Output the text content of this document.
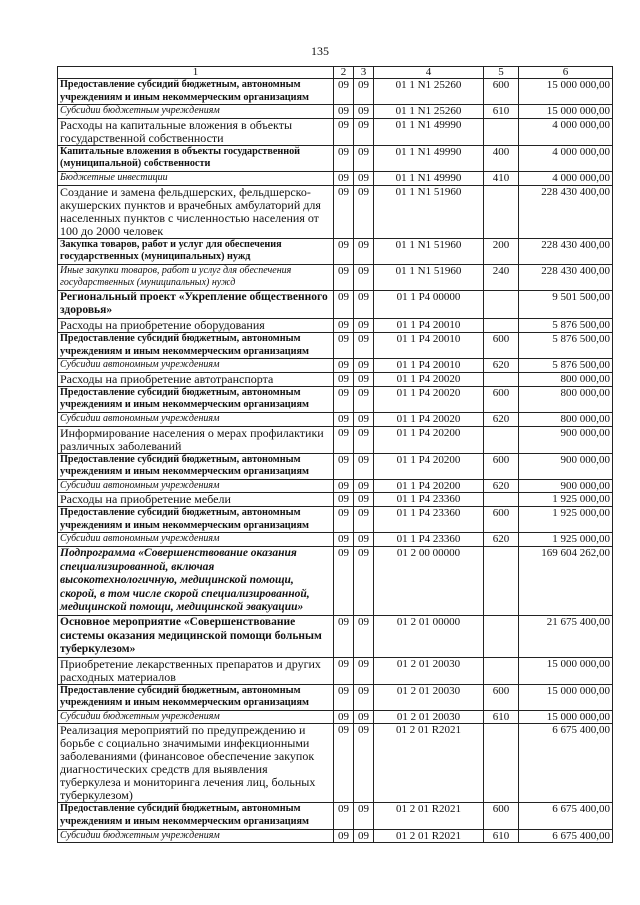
135
1	2	3	4	5	6
Предоставление субсидий бюджетным, автономным учреждениям и иным некоммерческим организациям	09	09	01 1 N1 25260	600	15 000 000,00
Субсидии бюджетным учреждениям	09	09	01 1 N1 25260	610	15 000 000,00
Расходы на капитальные вложения в объекты государственной собственности	09	09	01 1 N1 49990		4 000 000,00
Капитальные вложения в объекты государственной (муниципальной) собственности	09	09	01 1 N1 49990	400	4 000 000,00
Бюджетные инвестиции	09	09	01 1 N1 49990	410	4 000 000,00
Создание и замена фельдшерских, фельдшерско-акушерских пунктов и врачебных амбулаторий для населенных пунктов с численностью населения от 100 до 2000 человек	09	09	01 1 N1 51960		228 430 400,00
Закупка товаров, работ и услуг для обеспечения государственных (муниципальных) нужд	09	09	01 1 N1 51960	200	228 430 400,00
Иные закупки товаров, работ и услуг для обеспечения государственных (муниципальных) нужд	09	09	01 1 N1 51960	240	228 430 400,00
Региональный проект «Укрепление общественного здоровья»	09	09	01 1 P4 00000		9 501 500,00
Расходы на приобретение оборудования	09	09	01 1 P4 20010		5 876 500,00
Предоставление субсидий бюджетным, автономным учреждениям и иным некоммерческим организациям	09	09	01 1 P4 20010	600	5 876 500,00
Субсидии автономным учреждениям	09	09	01 1 P4 20010	620	5 876 500,00
Расходы на приобретение автотранспорта	09	09	01 1 P4 20020		800 000,00
Предоставление субсидий бюджетным, автономным учреждениям и иным некоммерческим организациям	09	09	01 1 P4 20020	600	800 000,00
Субсидии автономным учреждениям	09	09	01 1 P4 20020	620	800 000,00
Информирование населения о мерах профилактики различных заболеваний	09	09	01 1 P4 20200		900 000,00
Предоставление субсидий бюджетным, автономным учреждениям и иным некоммерческим организациям	09	09	01 1 P4 20200	600	900 000,00
Субсидии автономным учреждениям	09	09	01 1 P4 20200	620	900 000,00
Расходы на приобретение мебели	09	09	01 1 P4 23360		1 925 000,00
Предоставление субсидий бюджетным, автономным учреждениям и иным некоммерческим организациям	09	09	01 1 P4 23360	600	1 925 000,00
Субсидии автономным учреждениям	09	09	01 1 P4 23360	620	1 925 000,00
Подпрограмма «Совершенствование оказания специализированной, включая высокотехнологичную, медицинской помощи, скорой, в том числе скорой специализированной, медицинской помощи, медицинской эвакуации»	09	09	01 2 00 00000		169 604 262,00
Основное мероприятие «Совершенствование системы оказания медицинской помощи больным туберкулезом»	09	09	01 2 01 00000		21 675 400,00
Приобретение лекарственных препаратов и других расходных материалов	09	09	01 2 01 20030		15 000 000,00
Предоставление субсидий бюджетным, автономным учреждениям и иным некоммерческим организациям	09	09	01 2 01 20030	600	15 000 000,00
Субсидии бюджетным учреждениям	09	09	01 2 01 20030	610	15 000 000,00
Реализация мероприятий по предупреждению и борьбе с социально значимыми инфекционными заболеваниями (финансовое обеспечение закупок диагностических средств для выявления туберкулеза и мониторинга лечения лиц, больных туберкулезом)	09	09	01 2 01 R2021		6 675 400,00
Предоставление субсидий бюджетным, автономным учреждениям и иным некоммерческим организациям	09	09	01 2 01 R2021	600	6 675 400,00
Субсидии бюджетным учреждениям	09	09	01 2 01 R2021	610	6 675 400,00
